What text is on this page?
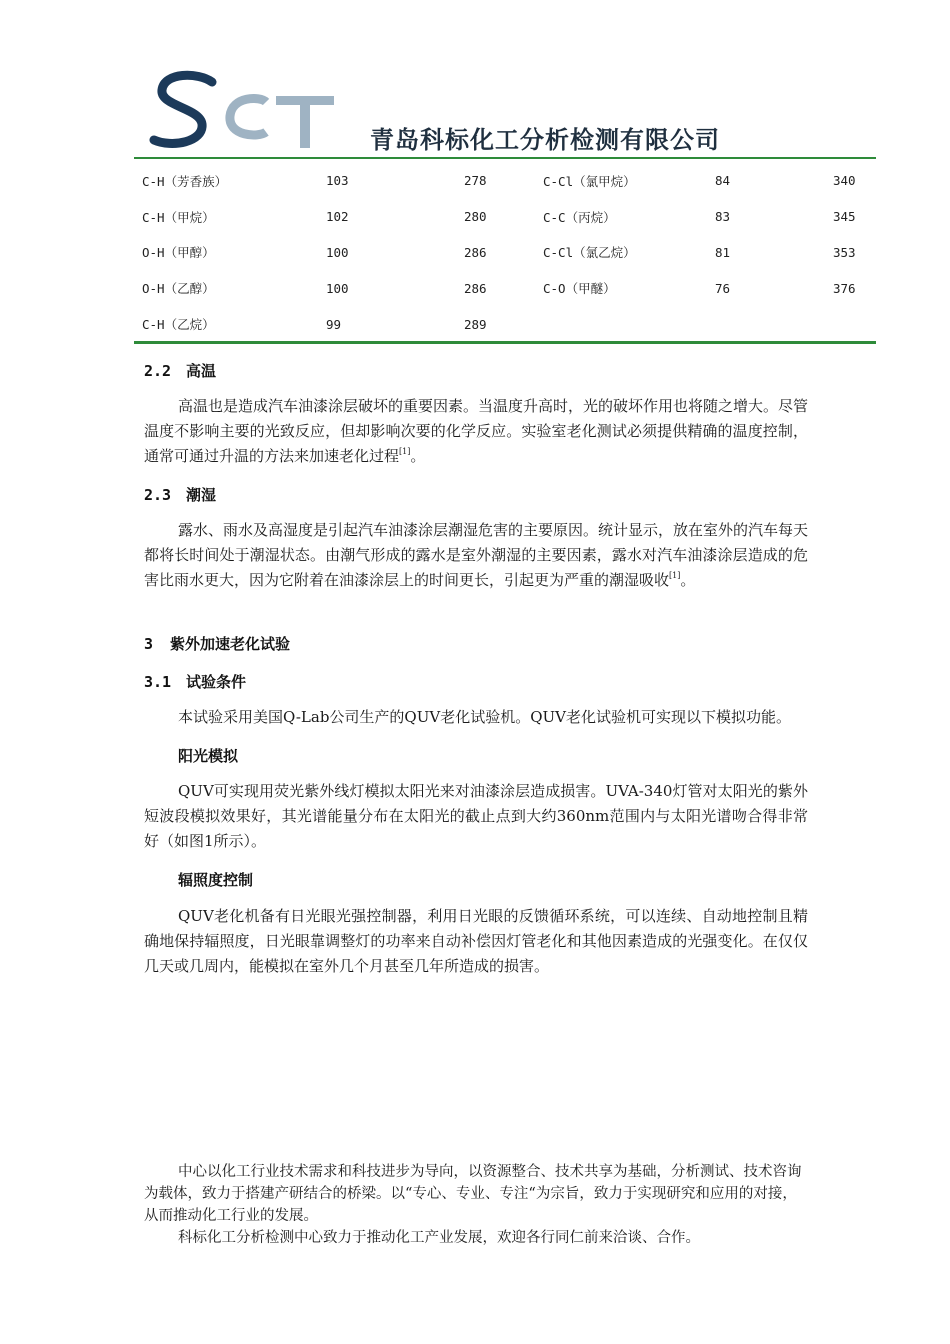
青岛科标化工分析检测有限公司
C-H（芳香族）	103	278	C-Cl（氯甲烷）	84	340
C-H（甲烷）	102	280	C-C（丙烷）	83	345
O-H（甲醇）	100	286	C-Cl（氯乙烷）	81	353
O-H（乙醇）	100	286	C-O（甲醚）	76	376
C-H（乙烷）	99	289			
2.2 高温
高温也是造成汽车油漆涂层破坏的重要因素。当温度升高时，光的破坏作用也将随之增大。尽管温度不影响主要的光致反应，但却影响次要的化学反应。实验室老化测试必须提供精确的温度控制，通常可通过升温的方法来加速老化过程[1]。
2.3 潮湿
露水、雨水及高湿度是引起汽车油漆涂层潮湿危害的主要原因。统计显示，放在室外的汽车每天都将长时间处于潮湿状态。由潮气形成的露水是室外潮湿的主要因素，露水对汽车油漆涂层造成的危害比雨水更大，因为它附着在油漆涂层上的时间更长，引起更为严重的潮湿吸收[1]。
3 紫外加速老化试验
3.1 试验条件
本试验采用美国Q-Lab公司生产的QUV老化试验机。QUV老化试验机可实现以下模拟功能。
阳光模拟
QUV可实现用荧光紫外线灯模拟太阳光来对油漆涂层造成损害。UVA-340灯管对太阳光的紫外短波段模拟效果好，其光谱能量分布在太阳光的截止点到大约360nm范围内与太阳光谱吻合得非常好（如图1所示）。
辐照度控制
QUV老化机备有日光眼光强控制器，利用日光眼的反馈循环系统，可以连续、自动地控制且精确地保持辐照度，日光眼靠调整灯的功率来自动补偿因灯管老化和其他因素造成的光强变化。在仅仅几天或几周内，能模拟在室外几个月甚至几年所造成的损害。
中心以化工行业技术需求和科技进步为导向，以资源整合、技术共享为基础，分析测试、技术咨询为载体，致力于搭建产研结合的桥梁。以“专心、专业、专注“为宗旨，致力于实现研究和应用的对接，从而推动化工行业的发展。
科标化工分析检测中心致力于推动化工产业发展，欢迎各行同仁前来洽谈、合作。
